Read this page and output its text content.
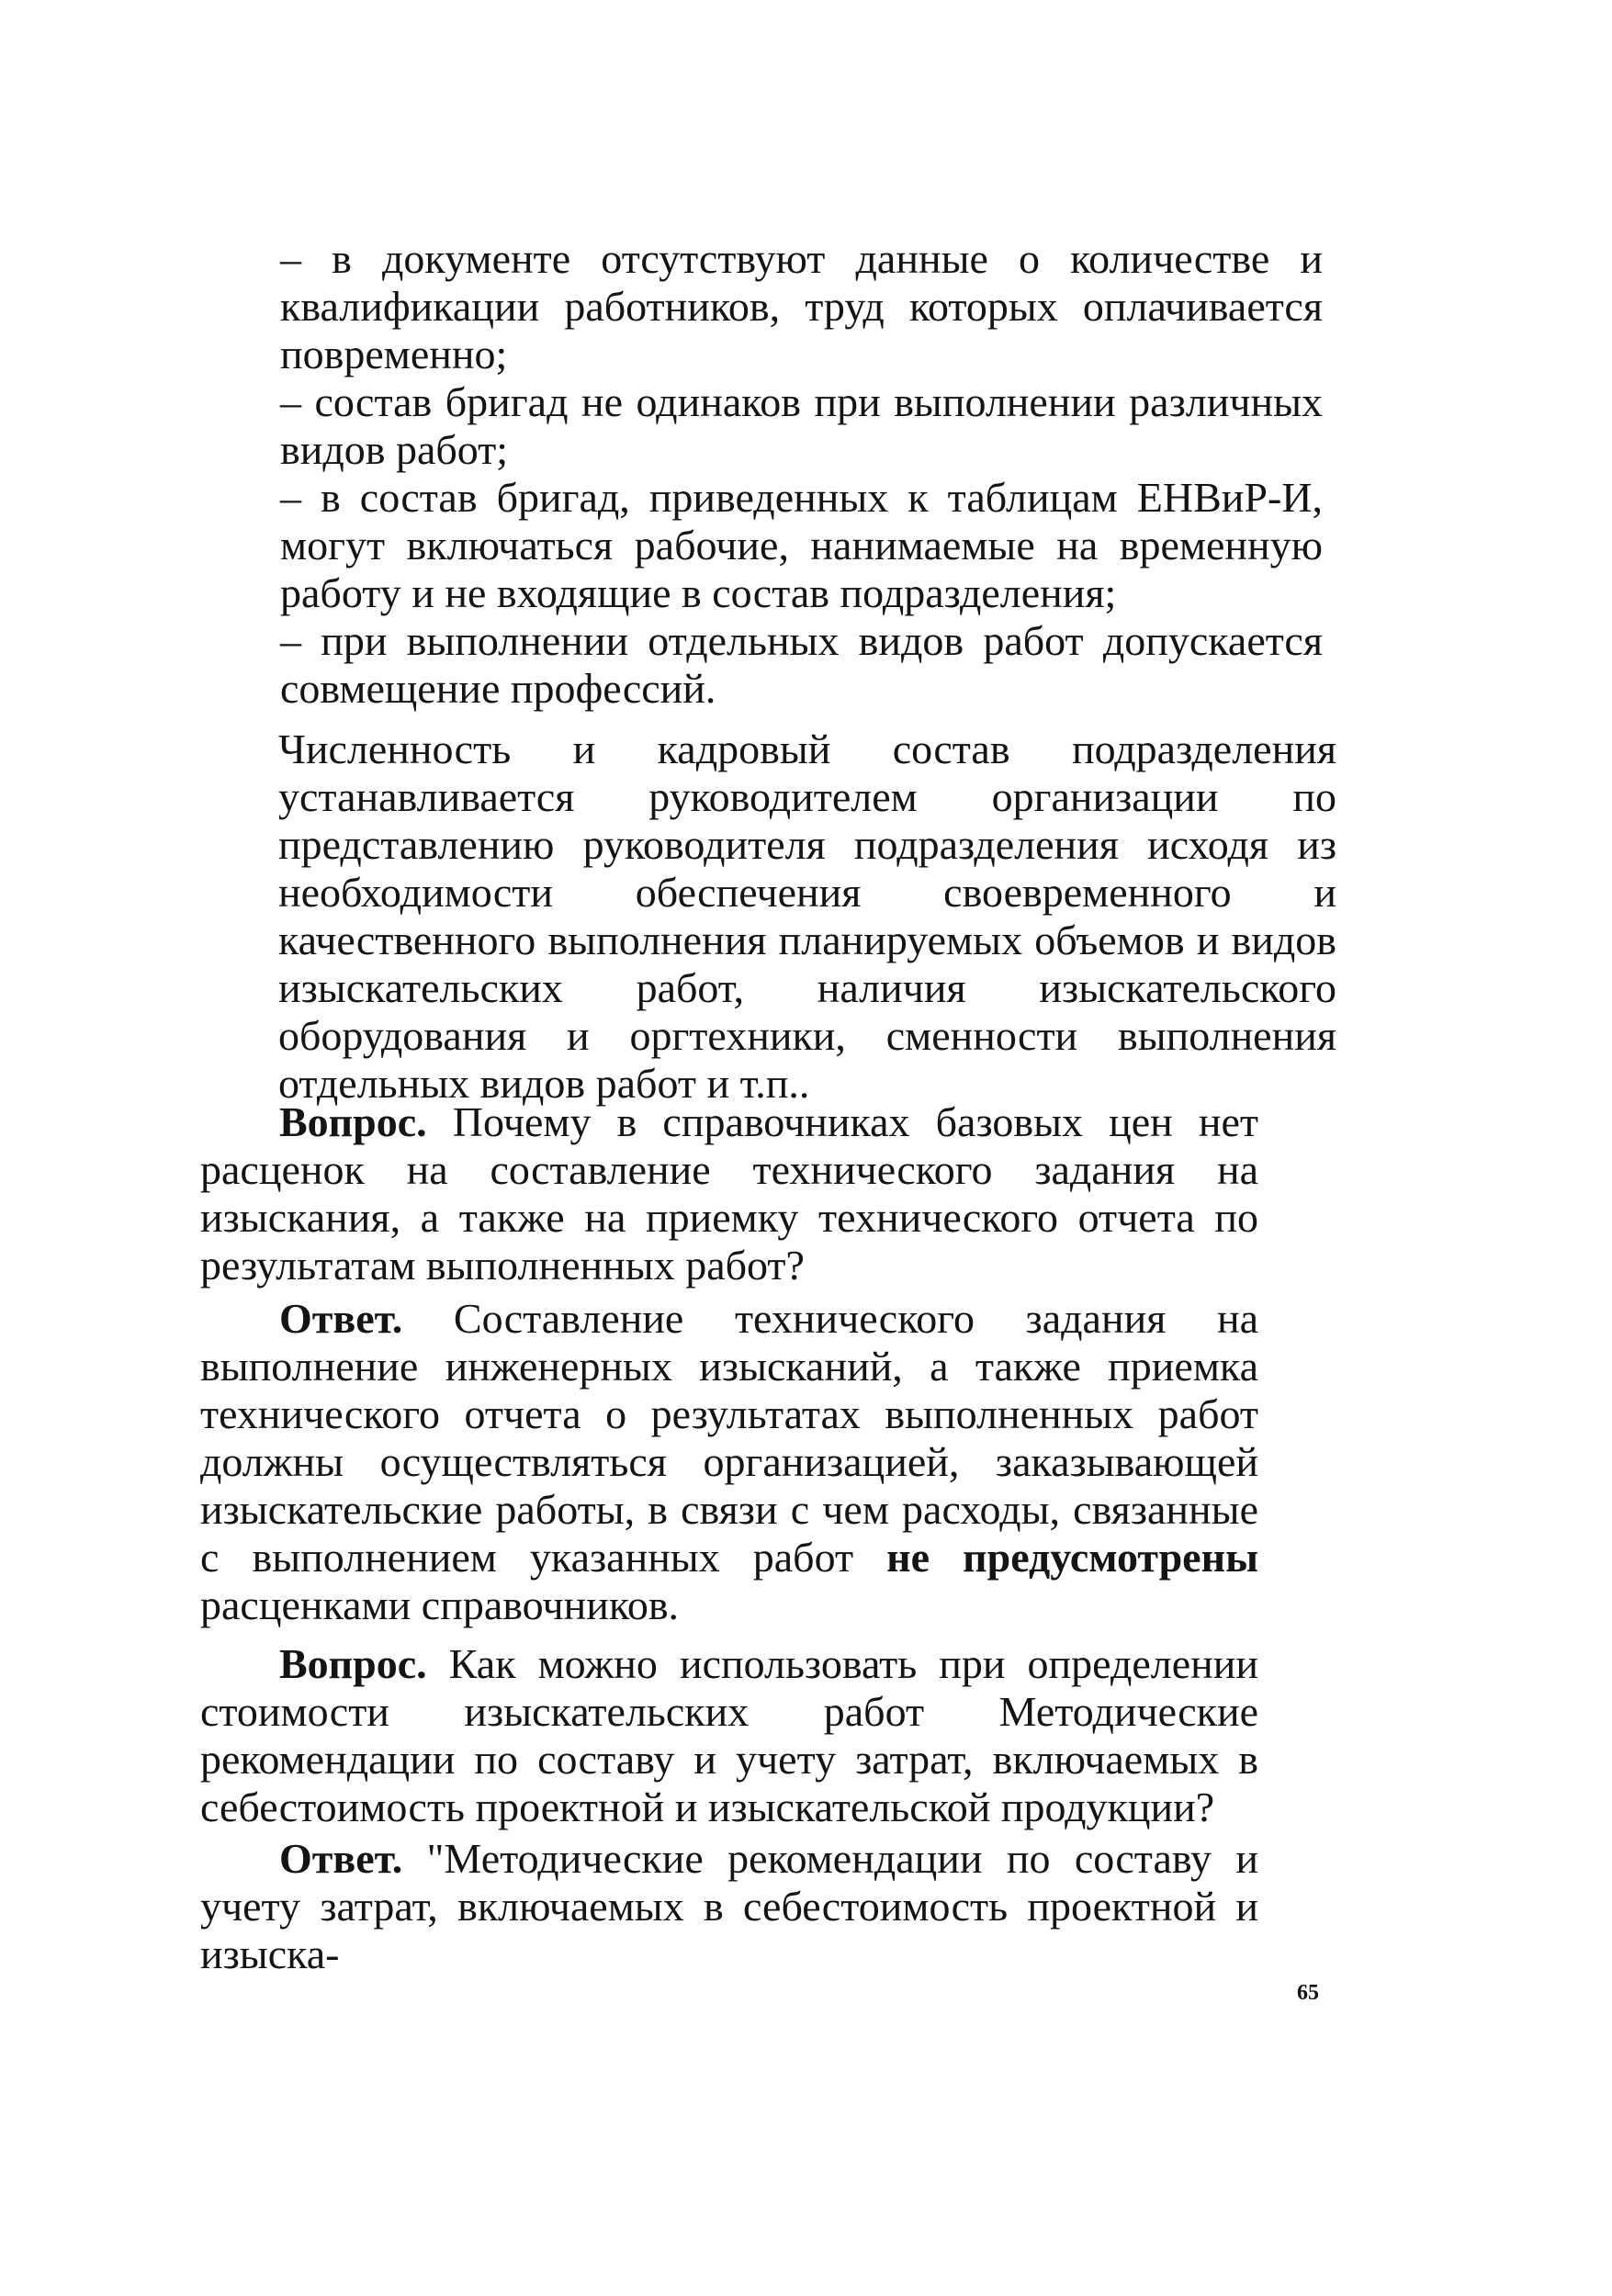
– в документе отсутствуют данные о количестве и квалификации работников, труд которых оплачивается повременно;
– состав бригад не одинаков при выполнении различных видов работ;
– в состав бригад, приведенных к таблицам ЕНВиР-И, могут включаться рабочие, нанимаемые на временную работу и не входящие в состав подразделения;
– при выполнении отдельных видов работ допускается совмещение профессий.
Численность и кадровый состав подразделения устанавливается руководителем организации по представлению руководителя подразделения исходя из необходимости обеспечения своевременного и качественного выполнения планируемых объемов и видов изыскательских работ, наличия изыскательского оборудования и оргтехники, сменности выполнения отдельных видов работ и т.п..
Вопрос. Почему в справочниках базовых цен нет расценок на составление технического задания на изыскания, а также на приемку технического отчета по результатам выполненных работ?
Ответ. Составление технического задания на выполнение инженерных изысканий, а также приемка технического отчета о результатах выполненных работ должны осуществляться организацией, заказывающей изыскательские работы, в связи с чем расходы, связанные с выполнением указанных работ не предусмотрены расценками справочников.
Вопрос. Как можно использовать при определении стоимости изыскательских работ Методические рекомендации по составу и учету затрат, включаемых в себестоимость проектной и изыскательской продукции?
Ответ. "Методические рекомендации по составу и учету затрат, включаемых в себестоимость проектной и изыска-
65
